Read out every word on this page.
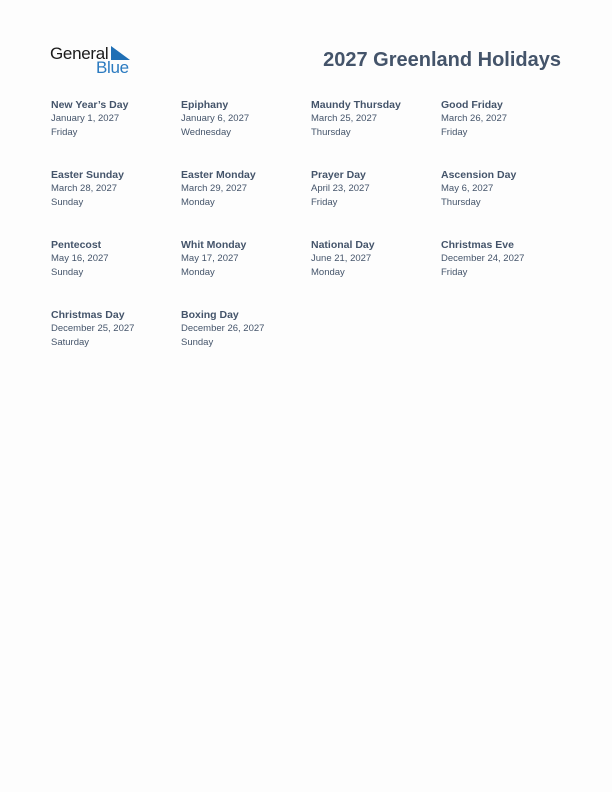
General
Blue	2027 Greenland Holidays
New Year’s Day
January 1, 2027
Friday
Epiphany
January 6, 2027
Wednesday
Maundy Thursday
March 25, 2027
Thursday
Good Friday
March 26, 2027
Friday
Easter Sunday
March 28, 2027
Sunday
Easter Monday
March 29, 2027
Monday
Prayer Day
April 23, 2027
Friday
Ascension Day
May 6, 2027
Thursday
Pentecost
May 16, 2027
Sunday
Whit Monday
May 17, 2027
Monday
National Day
June 21, 2027
Monday
Christmas Eve
December 24, 2027
Friday
Christmas Day
December 25, 2027
Saturday
Boxing Day
December 26, 2027
Sunday
